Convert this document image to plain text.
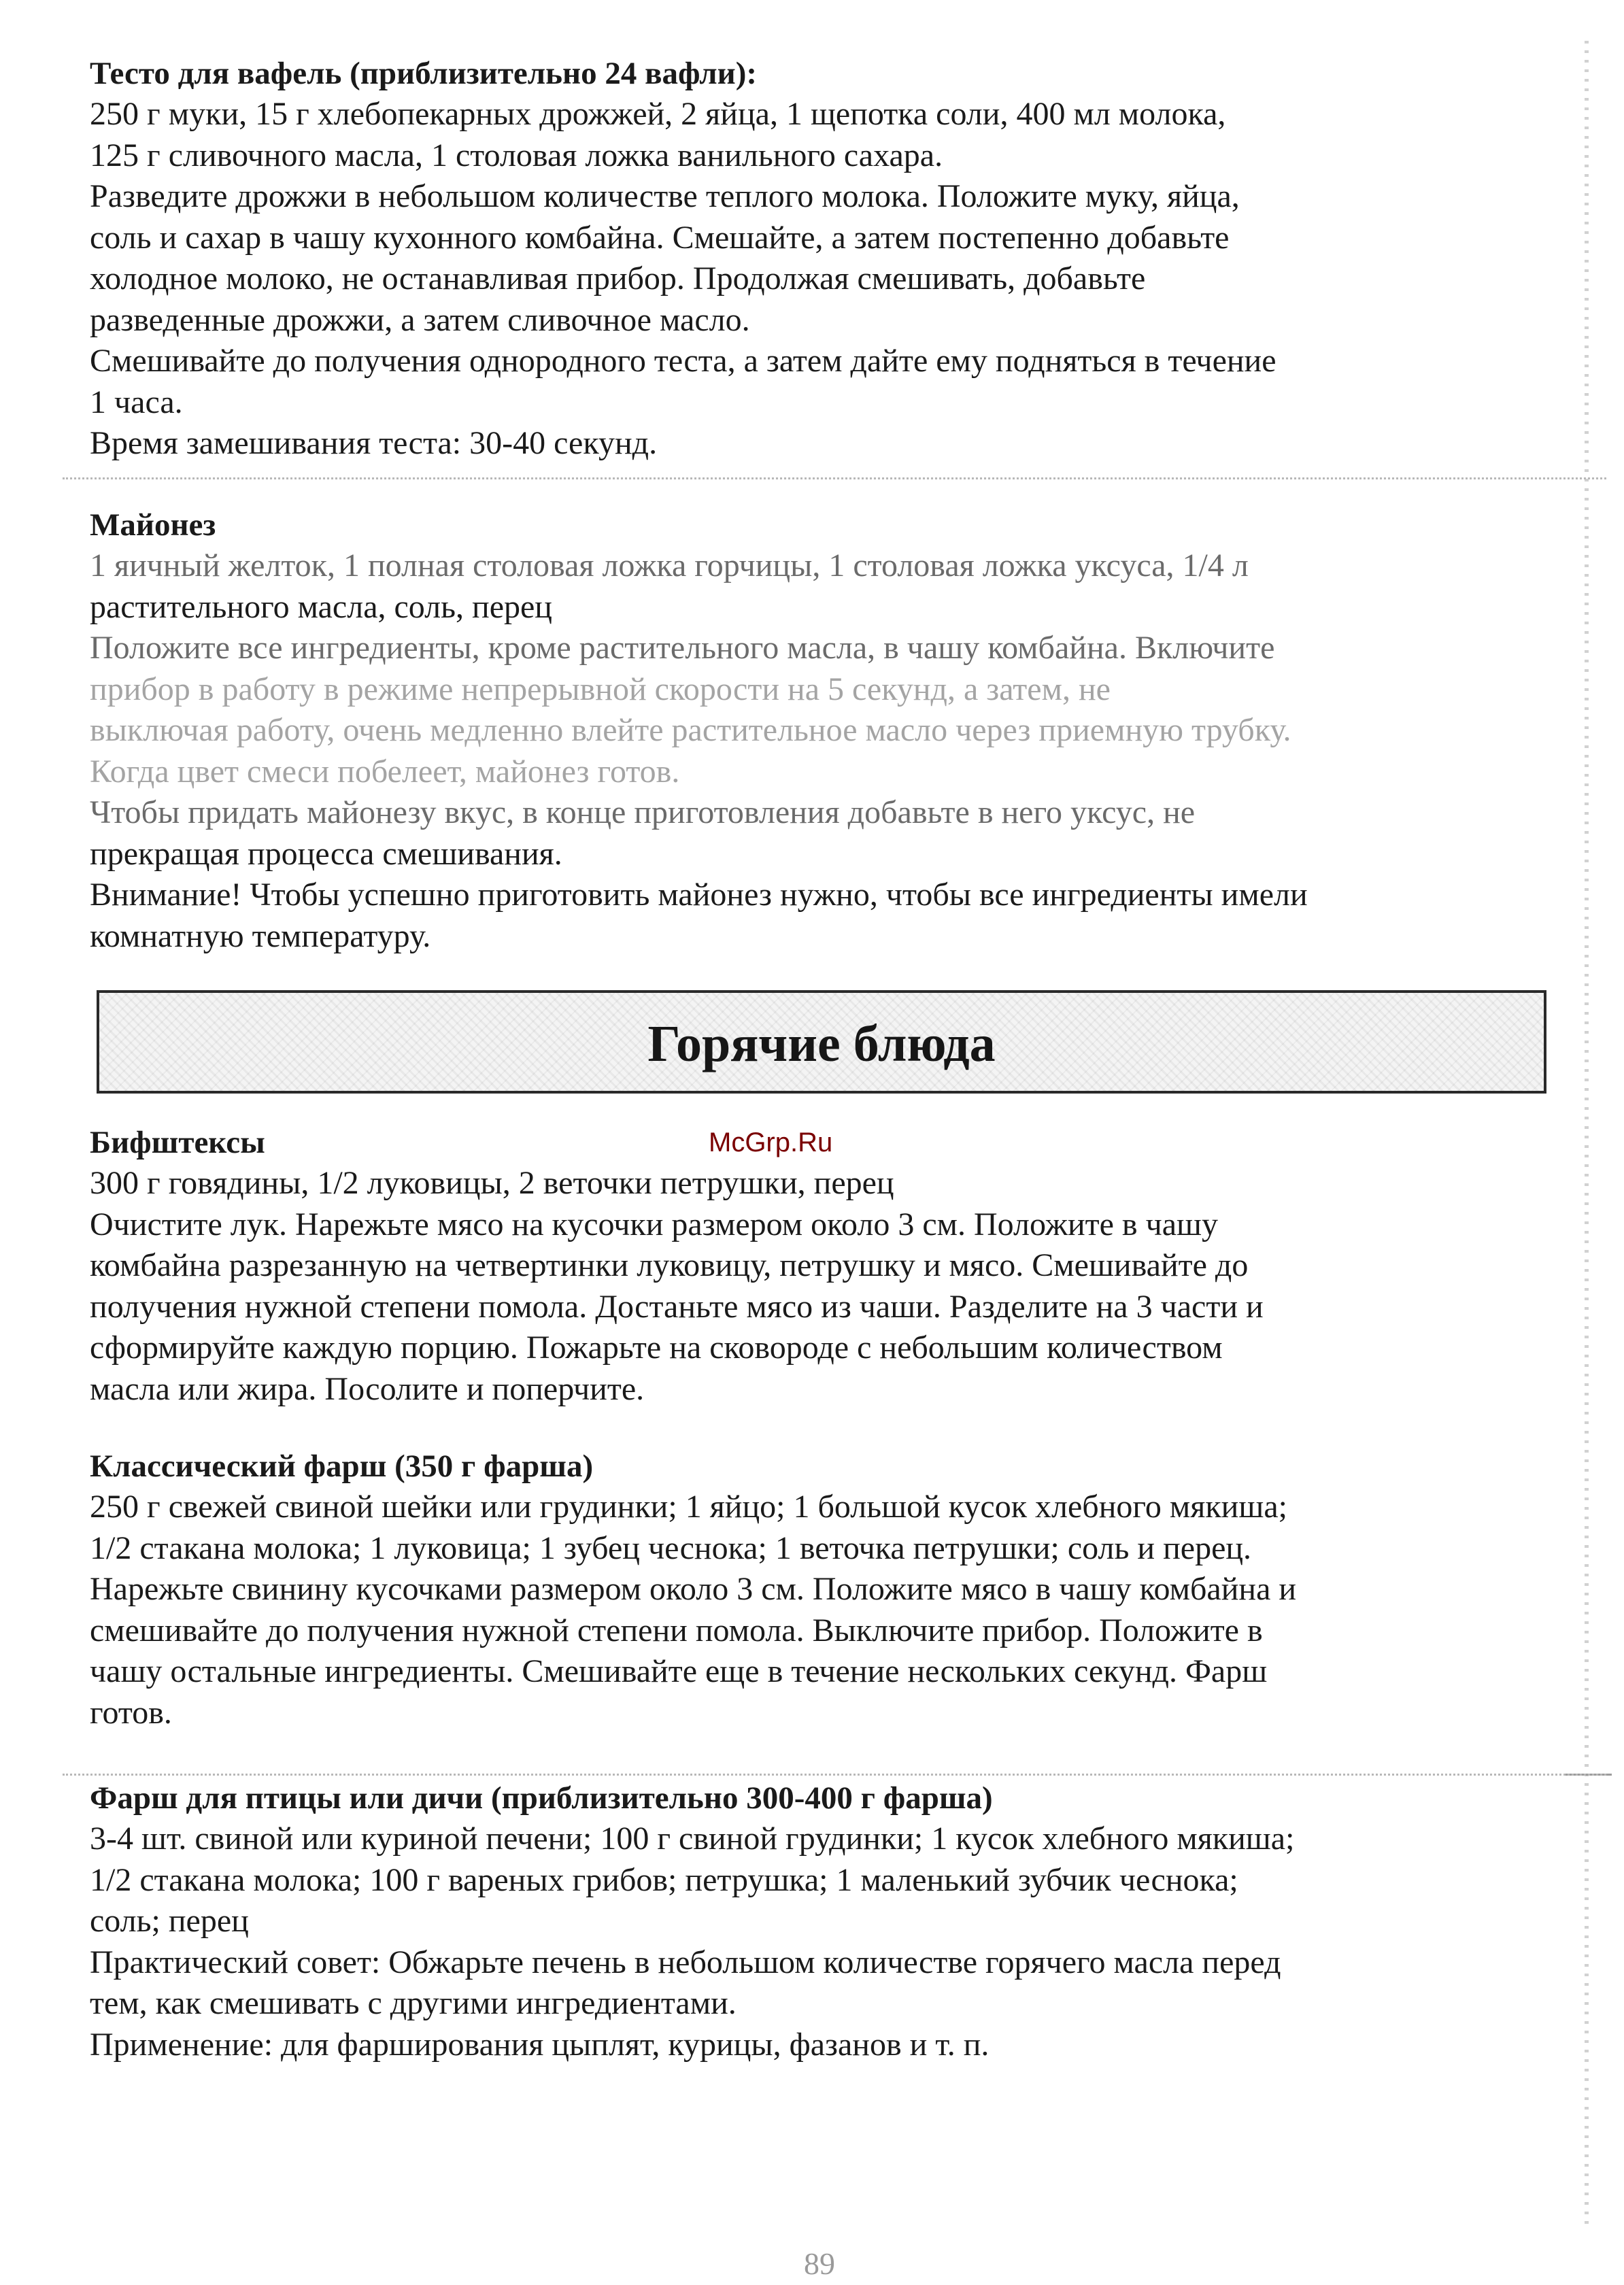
Тесто для вафель (приблизительно 24 вафли):

250 г муки, 15 г хлебопекарных дрожжей, 2 яйца, 1 щепотка соли, 400 мл молока,

125 г сливочного масла, 1 столовая ложка ванильного сахара.

Разведите дрожжи в небольшом количестве теплого молока. Положите муку, яйца,

соль и сахар в чашу кухонного комбайна. Смешайте, а затем постепенно добавьте

холодное молоко, не останавливая прибор. Продолжая смешивать, добавьте

разведенные дрожжи, а затем сливочное масло.

Смешивайте до получения однородного теста, а затем дайте ему подняться в течение

1 часа.

Время замешивания теста: 30-40 секунд.

Майонез

1 яичный желток, 1 полная столовая ложка горчицы, 1 столовая ложка уксуса, 1/4 л

растительного масла, соль, перец

Положите все ингредиенты, кроме растительного масла, в чашу комбайна. Включите

прибор в работу в режиме непрерывной скорости на 5 секунд, а затем, не

выключая работу, очень медленно влейте растительное масло через приемную трубку.

Когда цвет смеси побелеет, майонез готов.

Чтобы придать майонезу вкус, в конце приготовления добавьте в него уксус, не

прекращая процесса смешивания.

Внимание! Чтобы успешно приготовить майонез нужно, чтобы все ингредиенты имели

комнатную температуру.

Горячие блюда
McGrp.Ru

Бифштексы

300 г говядины, 1/2 луковицы, 2 веточки петрушки, перец

Очистите лук. Нарежьте мясо на кусочки размером около 3 см. Положите в чашу

комбайна разрезанную на четвертинки луковицу, петрушку и мясо. Смешивайте до

получения нужной степени помола. Достаньте мясо из чаши. Разделите на 3 части и

сформируйте каждую порцию. Пожарьте на сковороде с небольшим количеством

масла или жира. Посолите и поперчите.

Классический фарш (350 г фарша)

250 г свежей свиной шейки или грудинки; 1 яйцо; 1 большой кусок хлебного мякиша;

1/2 стакана молока; 1 луковица; 1 зубец чеснока; 1 веточка петрушки; соль и перец.

Нарежьте свинину кусочками размером около 3 см. Положите мясо в чашу комбайна и

смешивайте до получения нужной степени помола. Выключите прибор. Положите в

чашу остальные ингредиенты. Смешивайте еще в течение нескольких секунд. Фарш

готов.

Фарш для птицы или дичи (приблизительно 300-400 г фарша)

3-4 шт. свиной или куриной печени; 100 г свиной грудинки; 1 кусок хлебного мякиша;

1/2 стакана молока; 100 г вареных грибов; петрушка; 1 маленький зубчик чеснока;

соль; перец

Практический совет: Обжарьте печень в небольшом количестве горячего масла перед

тем, как смешивать с другими ингредиентами.

Применение: для фарширования цыплят, курицы, фазанов и т. п.

89
